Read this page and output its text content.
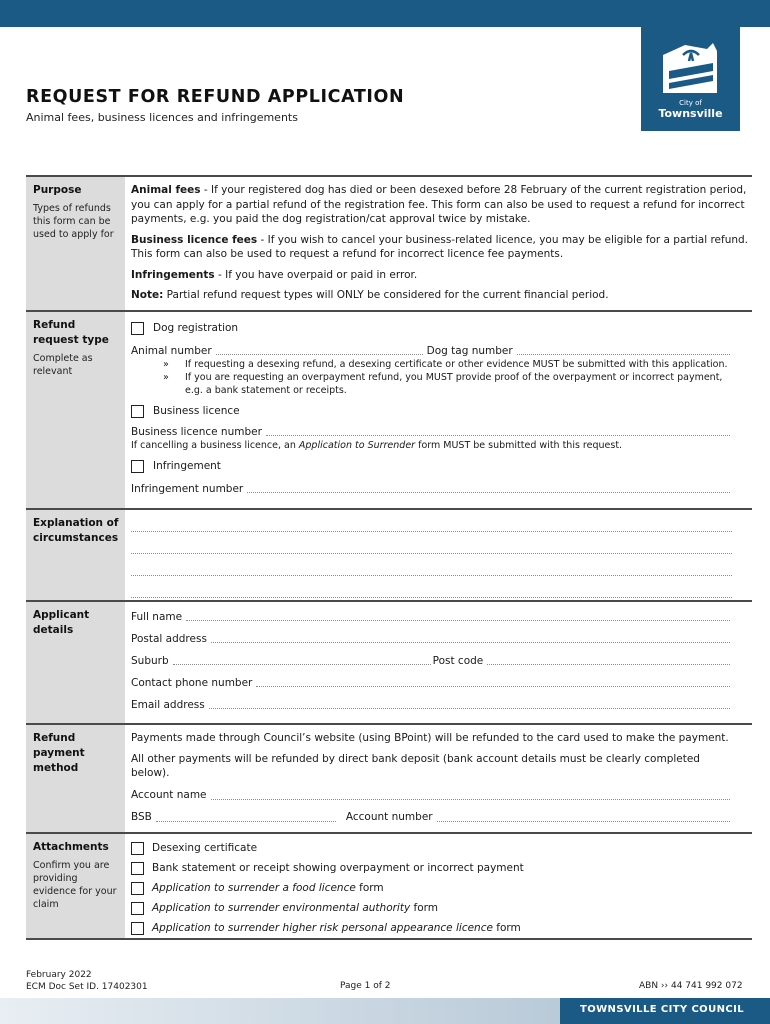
City of
Townsville
REQUEST FOR REFUND APPLICATION
Animal fees, business licences and infringements
Purpose
Types of refunds this form can be used to apply for

Animal fees - If your registered dog has died or been desexed before 28 February of the current registration period, you can apply for a partial refund of the registration fee. This form can also be used to request a refund for incorrect payments, e.g. you paid the dog registration/cat approval twice by mistake.

Business licence fees - If you wish to cancel your business-related licence, you may be eligible for a partial refund. This form can also be used to request a refund for incorrect licence fee payments.

Infringements - If you have overpaid or paid in error.

Note: Partial refund request types will ONLY be considered for the current financial period.

Refund request type
Complete as relevant
Dog registration
Animal number	Dog tag number
»	If requesting a desexing refund, a desexing certificate or other evidence MUST be submitted with this application.
»	If you are requesting an overpayment refund, you MUST provide proof of the overpayment or incorrect payment, e.g. a bank statement or receipts.
Business licence
Business licence number
If cancelling a business licence, an Application to Surrender form MUST be submitted with this request.
Infringement
Infringement number
Explanation of circumstances
Applicant details
Full name
Postal address
Suburb	Post code
Contact phone number
Email address
Refund payment method

Payments made through Council’s website (using BPoint) will be refunded to the card used to make the payment.

All other payments will be refunded by direct bank deposit (bank account details must be clearly completed below).

Account name
BSB	Account number
Attachments
Confirm you are providing evidence for your claim
Desexing certificate
Bank statement or receipt showing overpayment or incorrect payment
Application to surrender a food licence form
Application to surrender environmental authority form
Application to surrender higher risk personal appearance licence form
February 2022
ECM Doc Set ID. 17402301	Page 1 of 2	ABN ›› 44 741 992 072
TOWNSVILLE CITY COUNCIL
